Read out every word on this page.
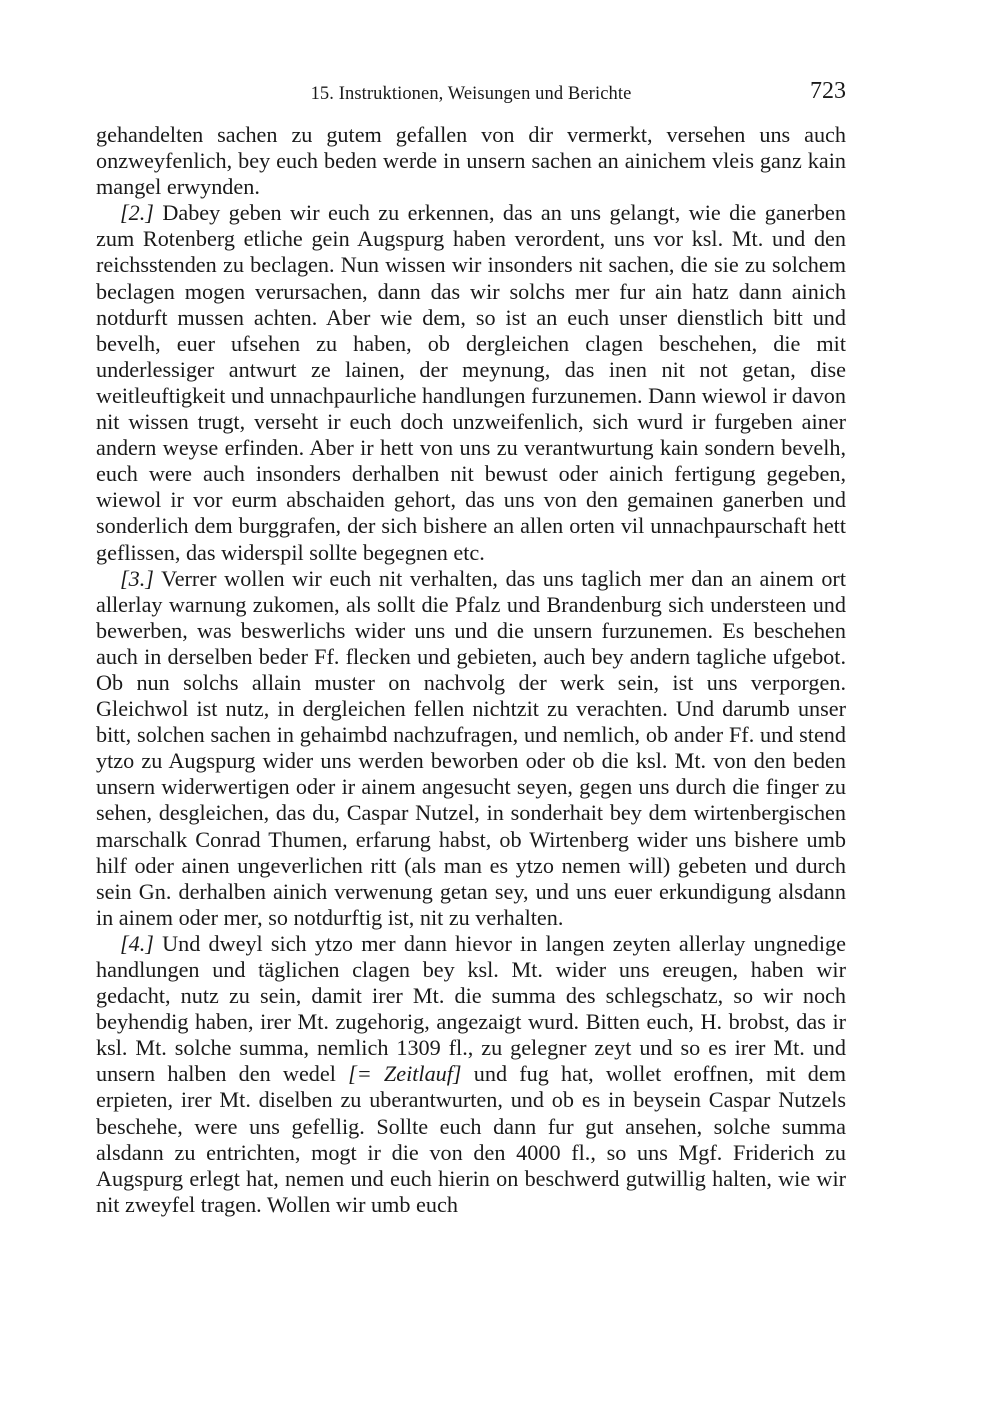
15. Instruktionen, Weisungen und Berichte	723

gehandelten sachen zu gutem gefallen von dir vermerkt, versehen uns auch onzweyfenlich, bey euch beden werde in unsern sachen an ainichem vleis ganz kain mangel erwynden.

[2.] Dabey geben wir euch zu erkennen, das an uns gelangt, wie die ganerben zum Rotenberg etliche gein Augspurg haben verordent, uns vor ksl. Mt. und den reichsstenden zu beclagen. Nun wissen wir insonders nit sachen, die sie zu solchem beclagen mogen verursachen, dann das wir solchs mer fur ain hatz dann ainich notdurft mussen achten. Aber wie dem, so ist an euch unser dienstlich bitt und bevelh, euer ufsehen zu haben, ob dergleichen clagen beschehen, die mit underlessiger antwurt ze lainen, der meynung, das inen nit not getan, dise weitleuftigkeit und unnachpaurliche handlungen furzunemen. Dann wiewol ir davon nit wissen trugt, verseht ir euch doch unzweifenlich, sich wurd ir furgeben ainer andern weyse erfinden. Aber ir hett von uns zu verantwurtung kain sondern bevelh, euch were auch insonders derhalben nit bewust oder ainich fertigung gegeben, wiewol ir vor eurm abschaiden gehort, das uns von den gemainen ganerben und sonderlich dem burggrafen, der sich bishere an allen orten vil unnachpaurschaft hett geflissen, das widerspil sollte begegnen etc.

[3.] Verrer wollen wir euch nit verhalten, das uns taglich mer dan an ainem ort allerlay warnung zukomen, als sollt die Pfalz und Brandenburg sich understeen und bewerben, was beswerlichs wider uns und die unsern furzunemen. Es beschehen auch in derselben beder Ff. flecken und gebieten, auch bey andern tagliche ufgebot. Ob nun solchs allain muster on nachvolg der werk sein, ist uns verporgen. Gleichwol ist nutz, in dergleichen fellen nichtzit zu verachten. Und darumb unser bitt, solchen sachen in gehaimbd nachzufragen, und nemlich, ob ander Ff. und stend ytzo zu Augspurg wider uns werden beworben oder ob die ksl. Mt. von den beden unsern widerwertigen oder ir ainem angesucht seyen, gegen uns durch die finger zu sehen, desgleichen, das du, Caspar Nutzel, in sonderhait bey dem wirtenbergischen marschalk Conrad Thumen, erfarung habst, ob Wirtenberg wider uns bishere umb hilf oder ainen ungeverlichen ritt (als man es ytzo nemen will) gebeten und durch sein Gn. derhalben ainich verwenung getan sey, und uns euer erkundigung alsdann in ainem oder mer, so notdurftig ist, nit zu verhalten.

[4.] Und dweyl sich ytzo mer dann hievor in langen zeyten allerlay ungnedige handlungen und täglichen clagen bey ksl. Mt. wider uns ereugen, haben wir gedacht, nutz zu sein, damit irer Mt. die summa des schlegschatz, so wir noch beyhendig haben, irer Mt. zugehorig, angezaigt wurd. Bitten euch, H. brobst, das ir ksl. Mt. solche summa, nemlich 1309 fl., zu gelegner zeyt und so es irer Mt. und unsern halben den wedel [= Zeitlauf] und fug hat, wollet eroffnen, mit dem erpieten, irer Mt. diselben zu uberantwurten, und ob es in beysein Caspar Nutzels beschehe, were uns gefellig. Sollte euch dann fur gut ansehen, solche summa alsdann zu entrichten, mogt ir die von den 4000 fl., so uns Mgf. Friderich zu Augspurg erlegt hat, nemen und euch hierin on beschwerd gutwillig halten, wie wir nit zweyfel tragen. Wollen wir umb euch
